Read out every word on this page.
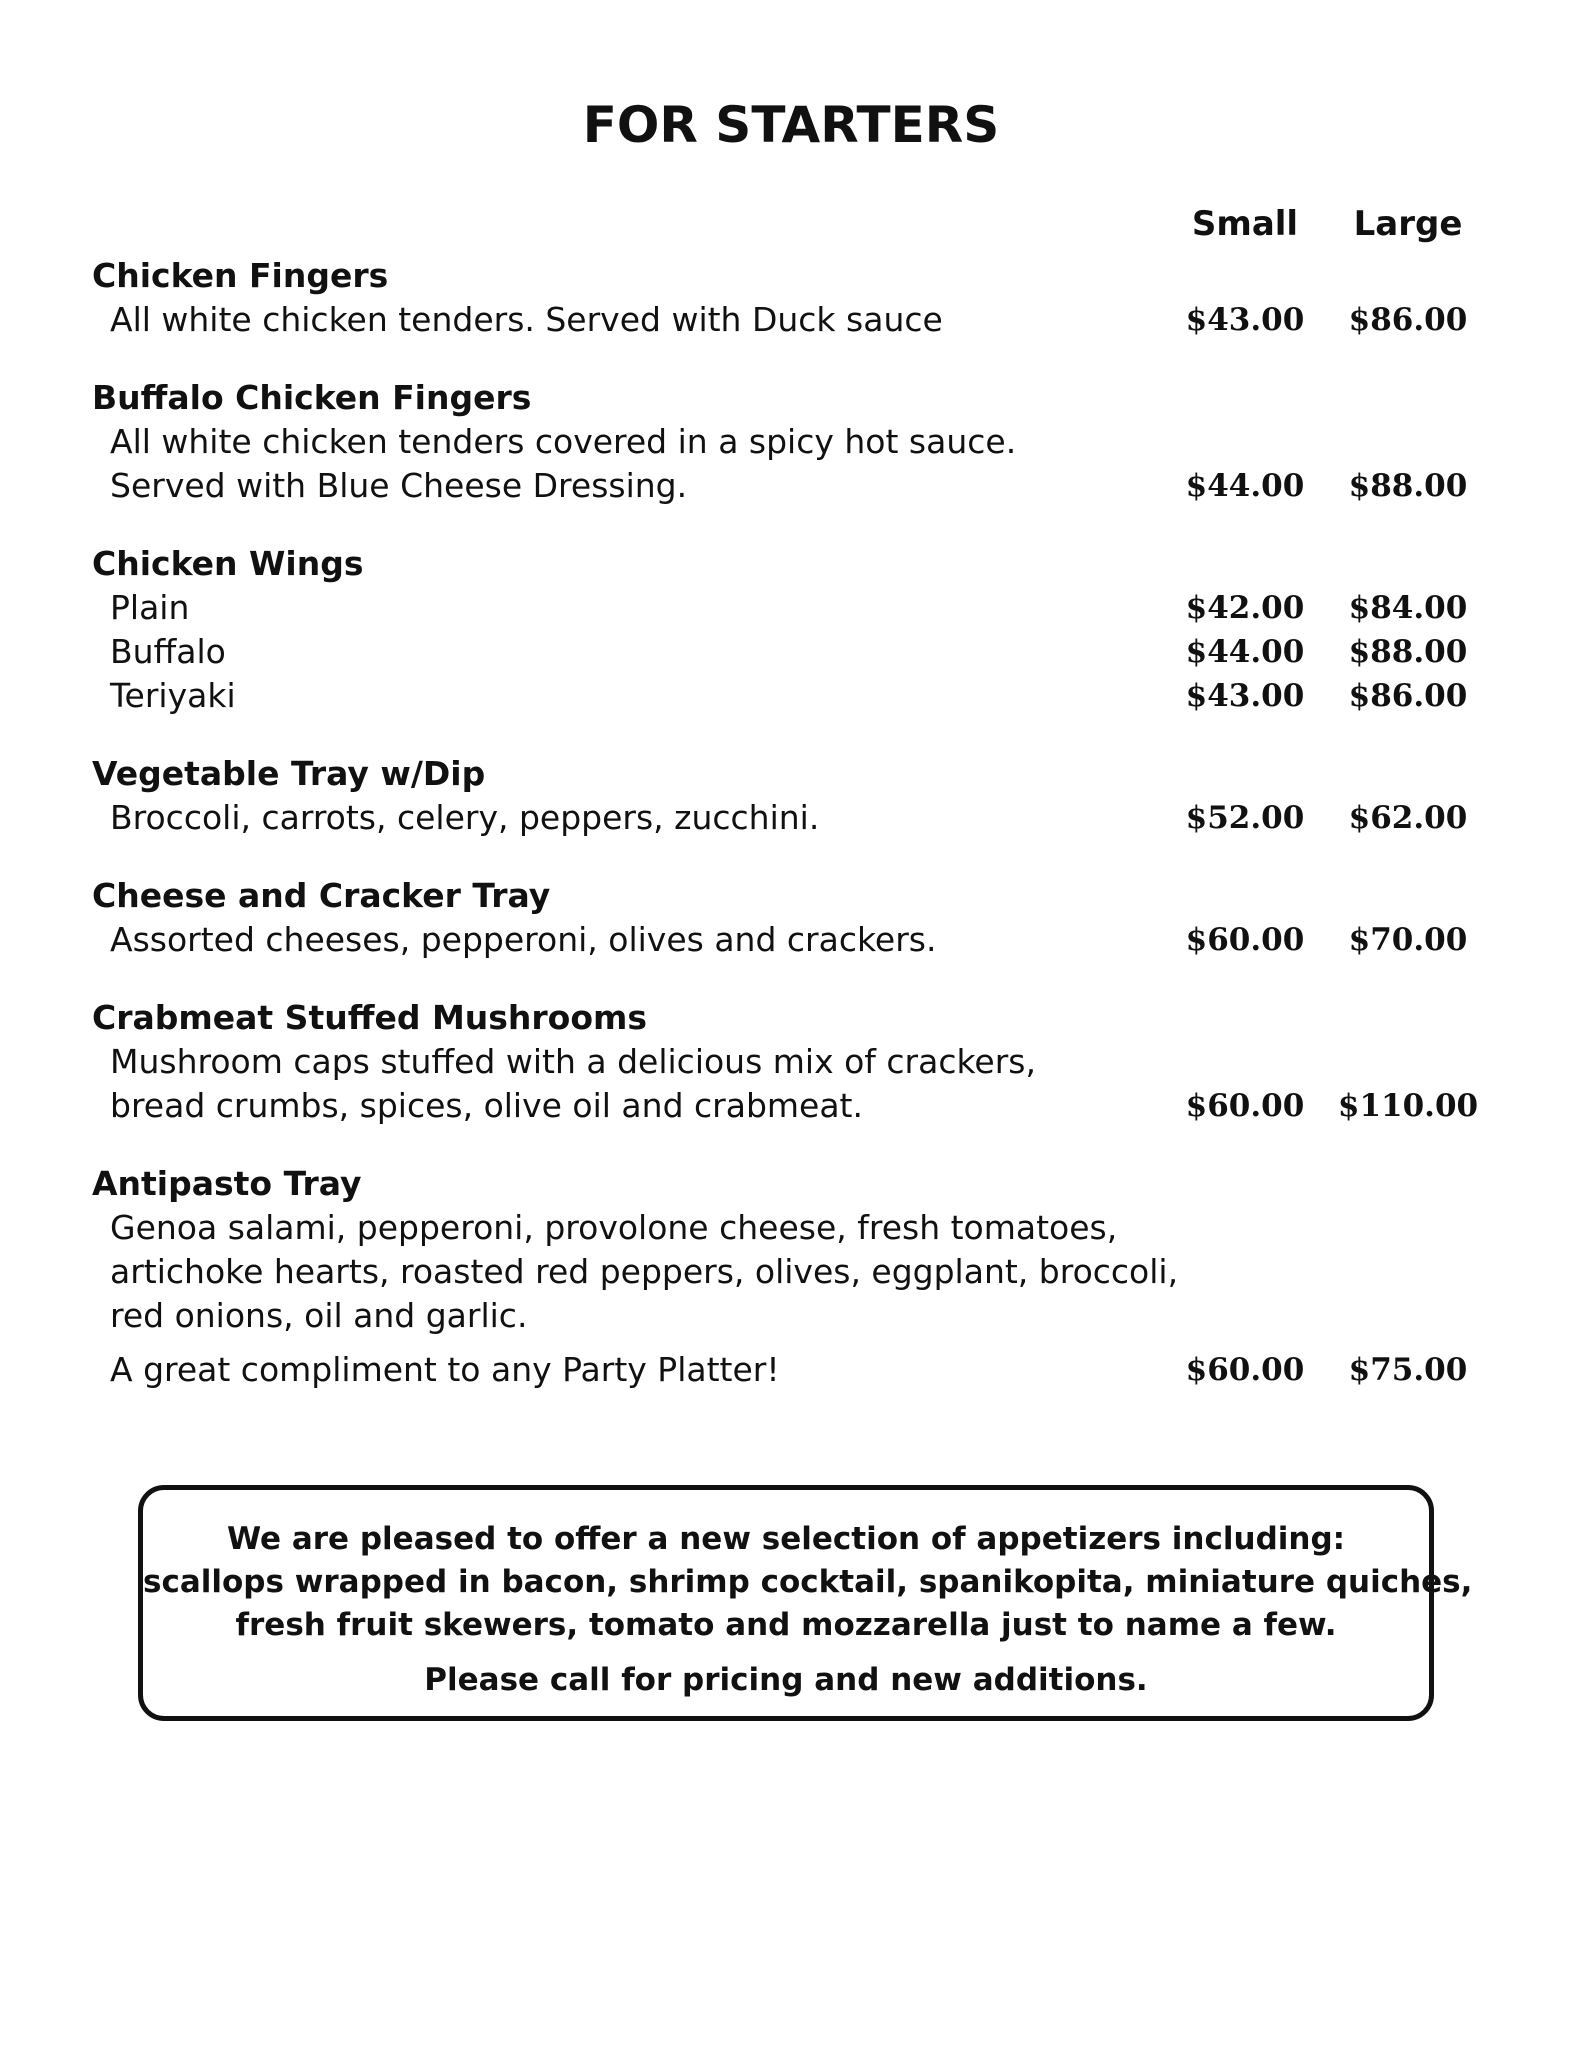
FOR STARTERS
Small	Large
Chicken Fingers
All white chicken tenders. Served with Duck sauce	$43.00	$86.00
Buffalo Chicken Fingers
All white chicken tenders covered in a spicy hot sauce.
Served with Blue Cheese Dressing.	$44.00	$88.00
Chicken Wings
Plain	$42.00	$84.00
Buffalo	$44.00	$88.00
Teriyaki	$43.00	$86.00
Vegetable Tray w/Dip
Broccoli, carrots, celery, peppers, zucchini.	$52.00	$62.00
Cheese and Cracker Tray
Assorted cheeses, pepperoni, olives and crackers.	$60.00	$70.00
Crabmeat Stuffed Mushrooms
Mushroom caps stuffed with a delicious mix of crackers,
bread crumbs, spices, olive oil and crabmeat.	$60.00	$110.00
Antipasto Tray
Genoa salami, pepperoni, provolone cheese, fresh tomatoes,
artichoke hearts, roasted red peppers, olives, eggplant, broccoli,
red onions, oil and garlic.
A great compliment to any Party Platter!	$60.00	$75.00
We are pleased to offer a new selection of appetizers including:
scallops wrapped in bacon, shrimp cocktail, spanikopita, miniature quiches,
fresh fruit skewers, tomato and mozzarella just to name a few.
Please call for pricing and new additions.
